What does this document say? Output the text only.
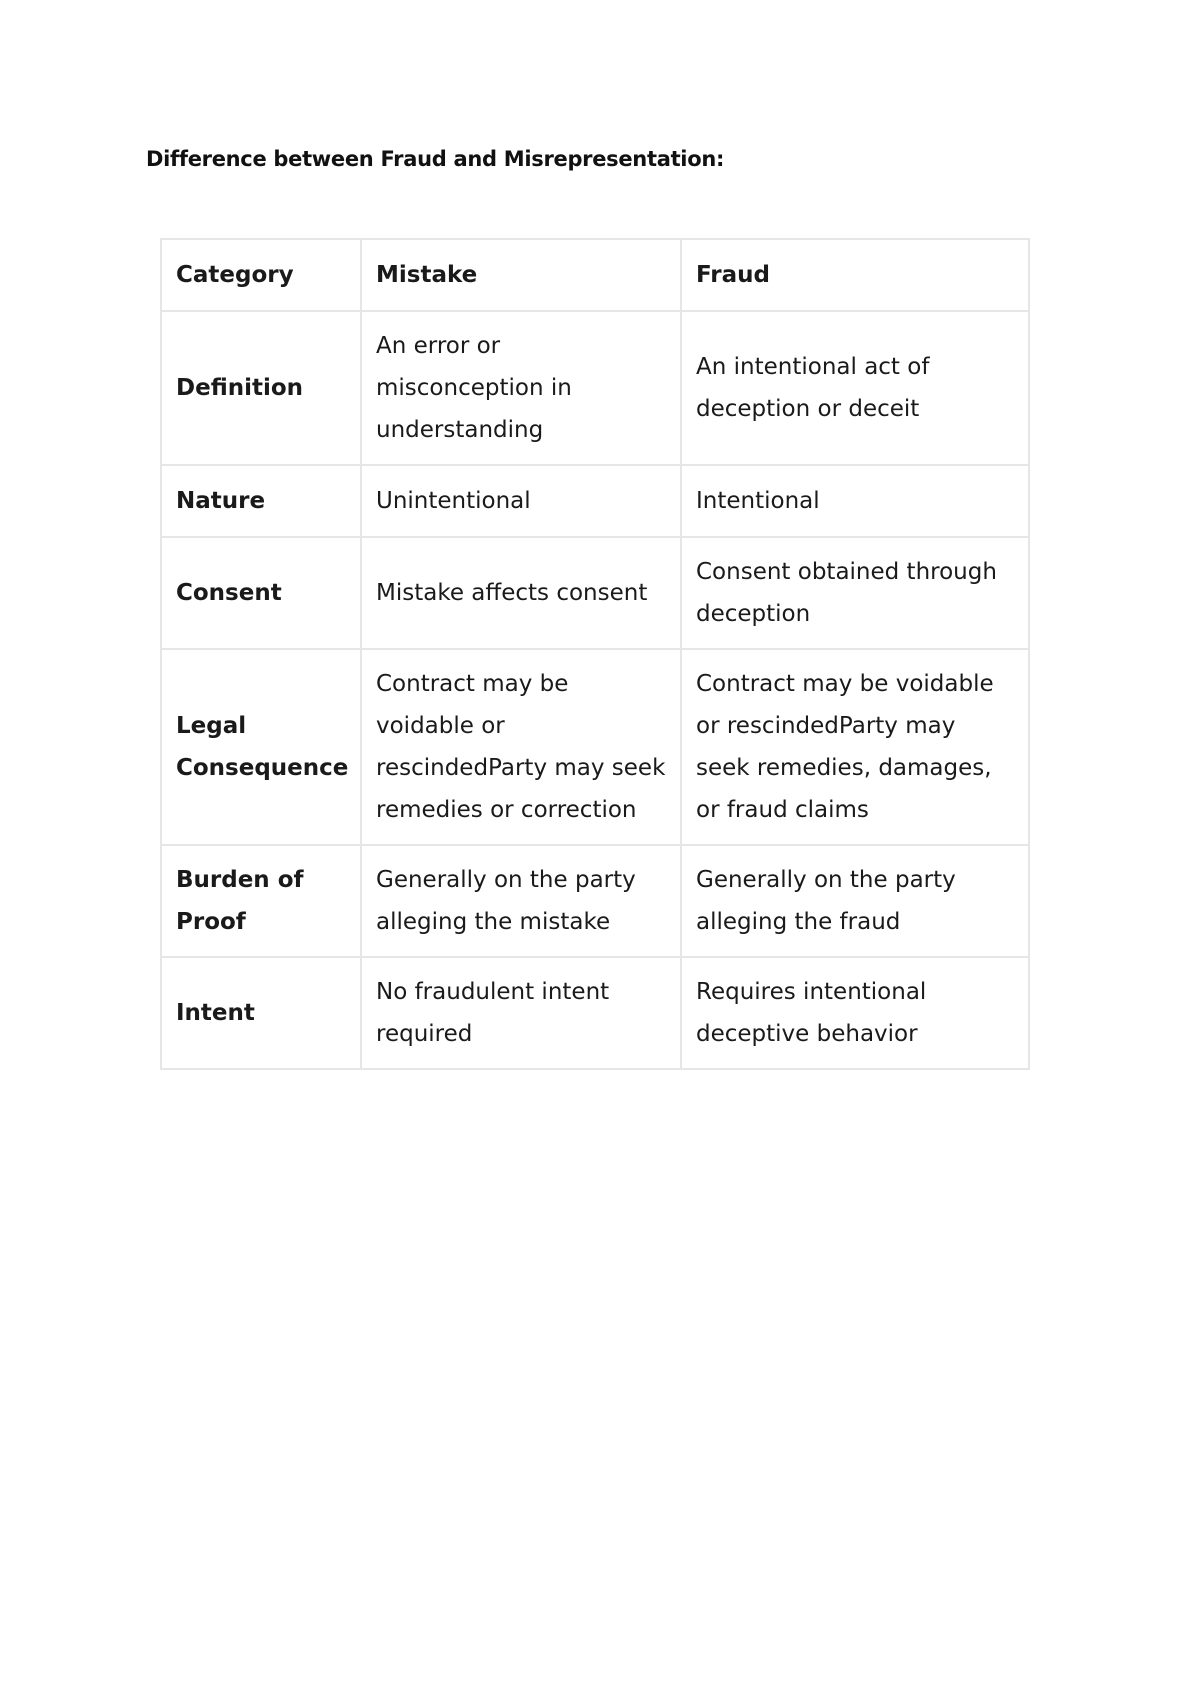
Difference between Fraud and Misrepresentation:
Category	Mistake	Fraud
Definition	An error or misconception in understanding	An intentional act of deception or deceit
Nature	Unintentional	Intentional
Consent	Mistake affects consent	Consent obtained through deception
Legal Consequence	Contract may be voidable or rescindedParty may seek remedies or correction	Contract may be voidable or rescindedParty may seek remedies, damages, or fraud claims
Burden of Proof	Generally on the party alleging the mistake	Generally on the party alleging the fraud
Intent	No fraudulent intent required	Requires intentional deceptive behavior
